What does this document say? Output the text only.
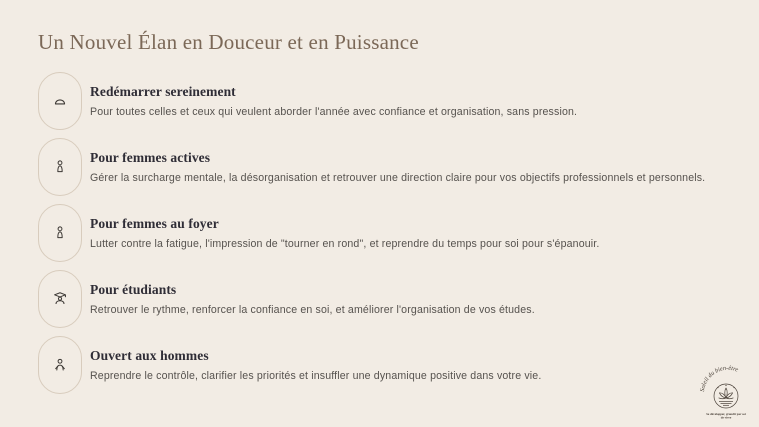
Un Nouvel Élan en Douceur et en Puissance
Redémarrer sereinement
Pour toutes celles et ceux qui veulent aborder l'année avec confiance et organisation, sans pression.
Pour femmes actives
Gérer la surcharge mentale, la désorganisation et retrouver une direction claire pour vos objectifs professionnels et personnels.
Pour femmes au foyer
Lutter contre la fatigue, l'impression de "tourner en rond", et reprendre du temps pour soi pour s'épanouir.
Pour étudiants
Retrouver le rythme, renforcer la confiance en soi, et améliorer l'organisation de vos études.
Ouvert aux hommes
Reprendre le contrôle, clarifier les priorités et insuffler une dynamique positive dans votre vie.
Soleil du bien-être
Se développer, grandir par soi
de vivre
